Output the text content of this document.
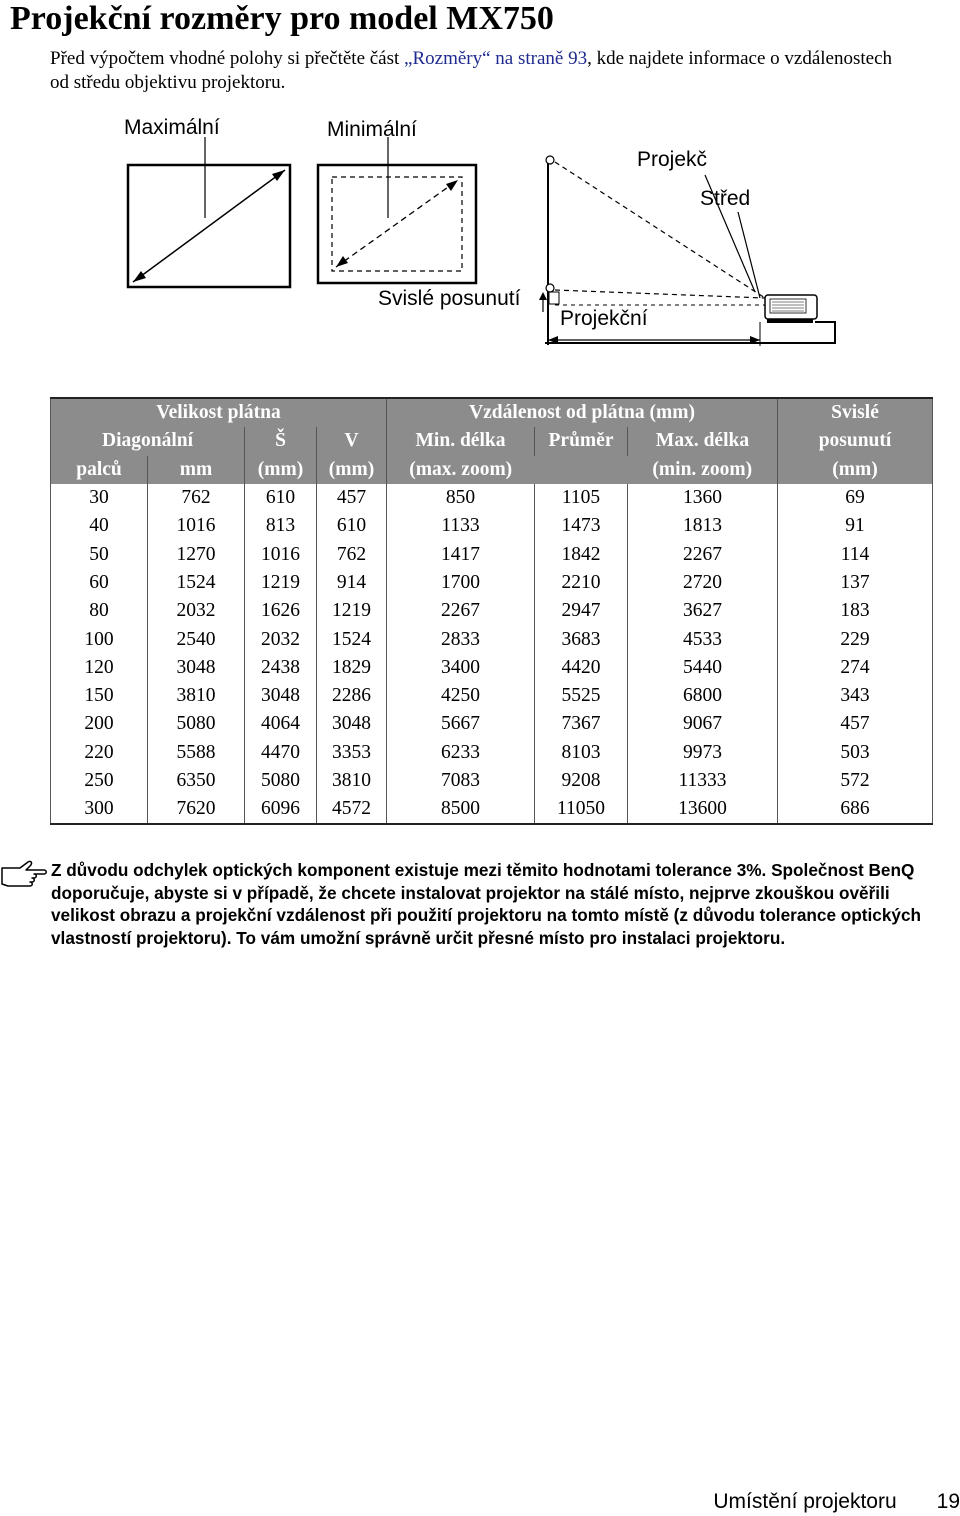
Projekční rozměry pro model MX750
Před výpočtem vhodné polohy si přečtěte část „Rozměry“ na straně 93, kde najdete informace o vzdálenostech od středu objektivu projektoru.
Maximální	Minimální
Projekč
Střed
Svislé posunutí
Projekční
Velikost plátna				Vzdálenost od plátna (mm)			Svislé
Diagonální		Š	V	Min. délka	Průměr	Max. délka	posunutí
palců	mm	(mm)	(mm)	(max. zoom)		(min. zoom)	(mm)
30	762	610	457	850	1105	1360	69
40	1016	813	610	1133	1473	1813	91
50	1270	1016	762	1417	1842	2267	114
60	1524	1219	914	1700	2210	2720	137
80	2032	1626	1219	2267	2947	3627	183
100	2540	2032	1524	2833	3683	4533	229
120	3048	2438	1829	3400	4420	5440	274
150	3810	3048	2286	4250	5525	6800	343
200	5080	4064	3048	5667	7367	9067	457
220	5588	4470	3353	6233	8103	9973	503
250	6350	5080	3810	7083	9208	11333	572
300	7620	6096	4572	8500	11050	13600	686
Z důvodu odchylek optických komponent existuje mezi těmito hodnotami tolerance 3%. Společnost BenQ doporučuje, abyste si v případě, že chcete instalovat projektor na stálé místo, nejprve zkouškou ověřili velikost obrazu a projekční vzdálenost při použití projektoru na tomto místě (z důvodu tolerance optických vlastností projektoru). To vám umožní správně určit přesné místo pro instalaci projektoru.
Umístění projektoru 19
